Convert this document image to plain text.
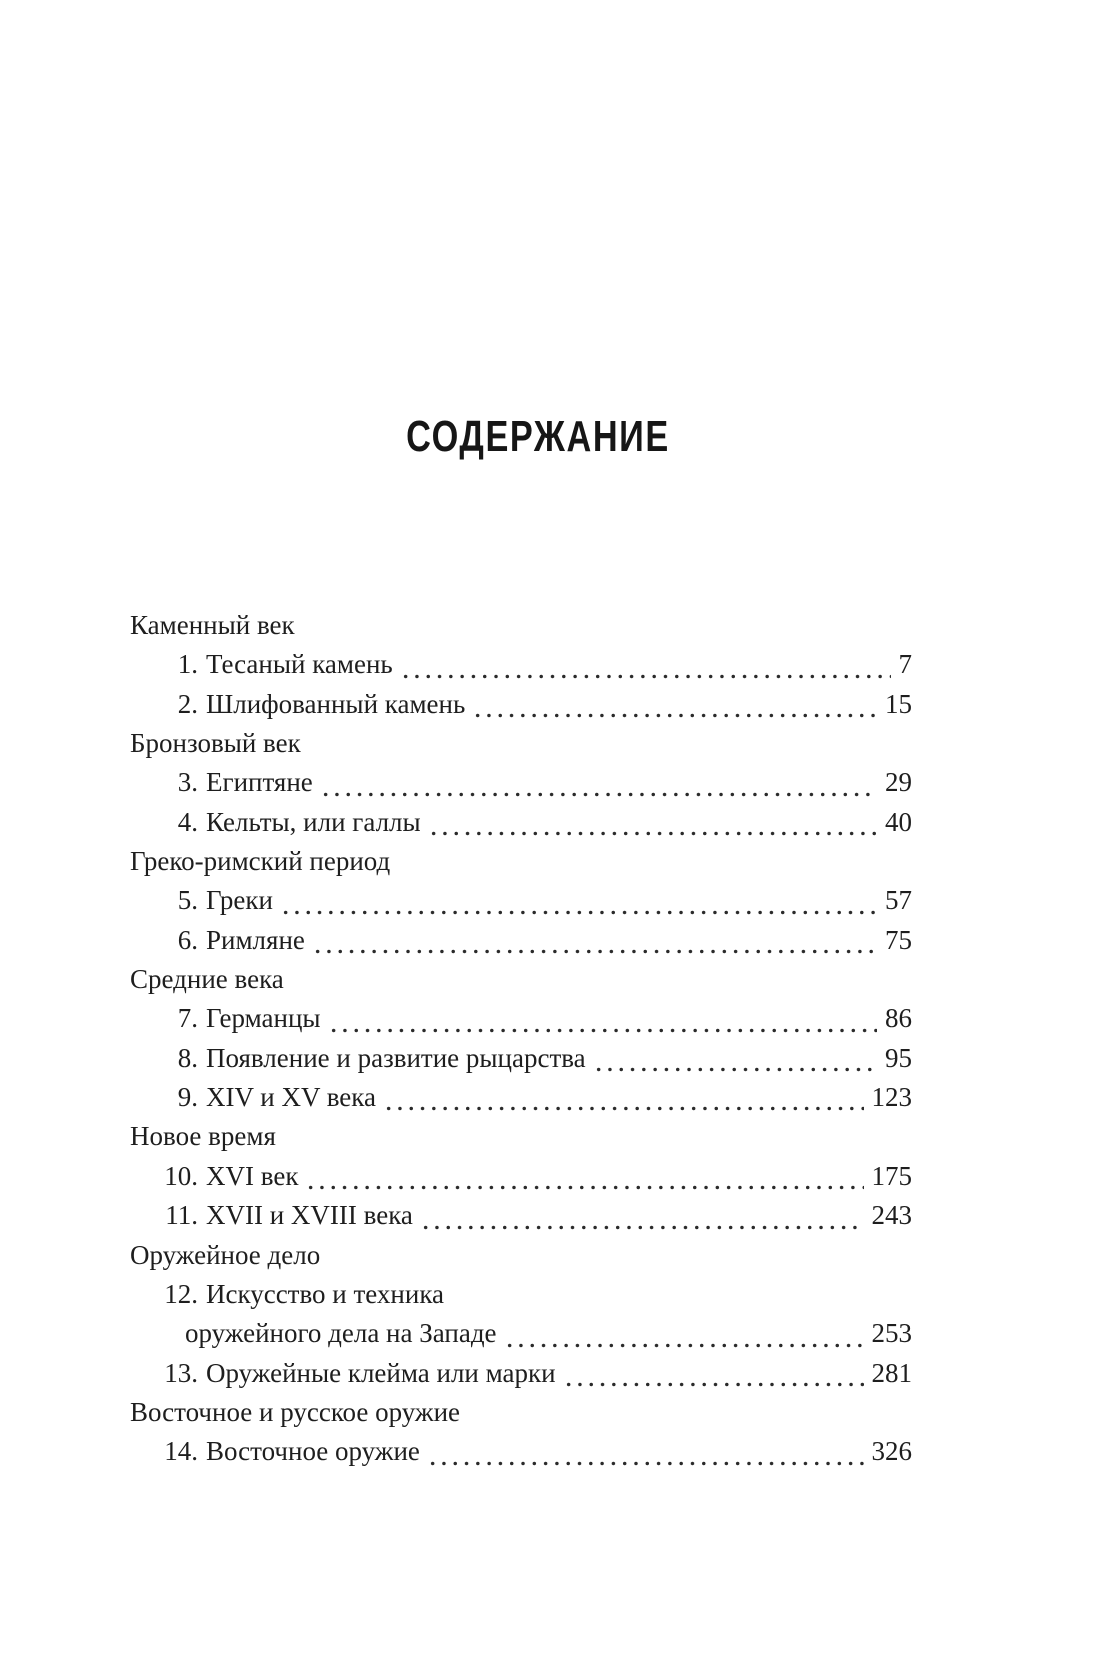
СОДЕРЖАНИЕ
Каменный век
1. Тесаный камень	7
2. Шлифованный камень	15
Бронзовый век
3. Египтяне	29
4. Кельты, или галлы	40
Греко-римский период
5. Греки	57
6. Римляне	75
Средние века
7. Германцы	86
8. Появление и развитие рыцарства	95
9. XIV и XV века	123
Новое время
10. XVI век	175
11. XVII и XVIII века	243
Оружейное дело
12. Искусство и техника
оружейного дела на Западе	253
13. Оружейные клейма или марки	281
Восточное и русское оружие
14. Восточное оружие	326
